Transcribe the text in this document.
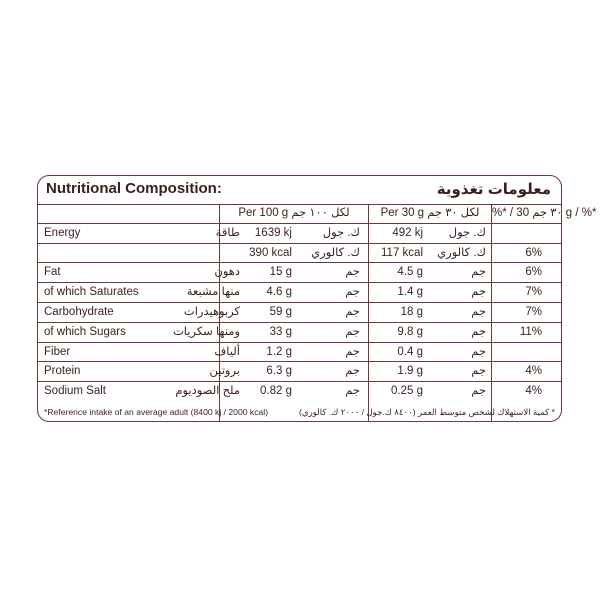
Nutritional Composition:	معلومات تغذوية
Per 100 g لكل ١٠٠ جم	Per 30 g لكل ٣٠ جم	%* / ٣٠ جم 30 g / %*
Energy	طاقة	1639 kj	ك. جول	492 kj	ك. جول
390 kcal	ك. كالوري	117 kcal	ك. كالوري	6%
Fat	دهون	15 g	جم	4.5 g	جم	6%
of which Saturates	منها مشبعة	4.6 g	جم	1.4 g	جم	7%
Carbohydrate	كربوهيدرات	59 g	جم	18 g	جم	7%
of which Sugars	ومنها سكريات	33 g	جم	9.8 g	جم	11%
Fiber	ألياف	1.2 g	جم	0.4 g	جم
Protein	بروتين	6.3 g	جم	1.9 g	جم	4%
Sodium Salt	ملح الصوديوم	0.82 g	جم	0.25 g	جم	4%
*Reference intake of an average adult (8400 kj / 2000 kcal)	* كمية الاستهلاك لشخص متوسط العمر (٨٤٠٠ ك.جول / ٢٠٠٠ ك. كالوري)
